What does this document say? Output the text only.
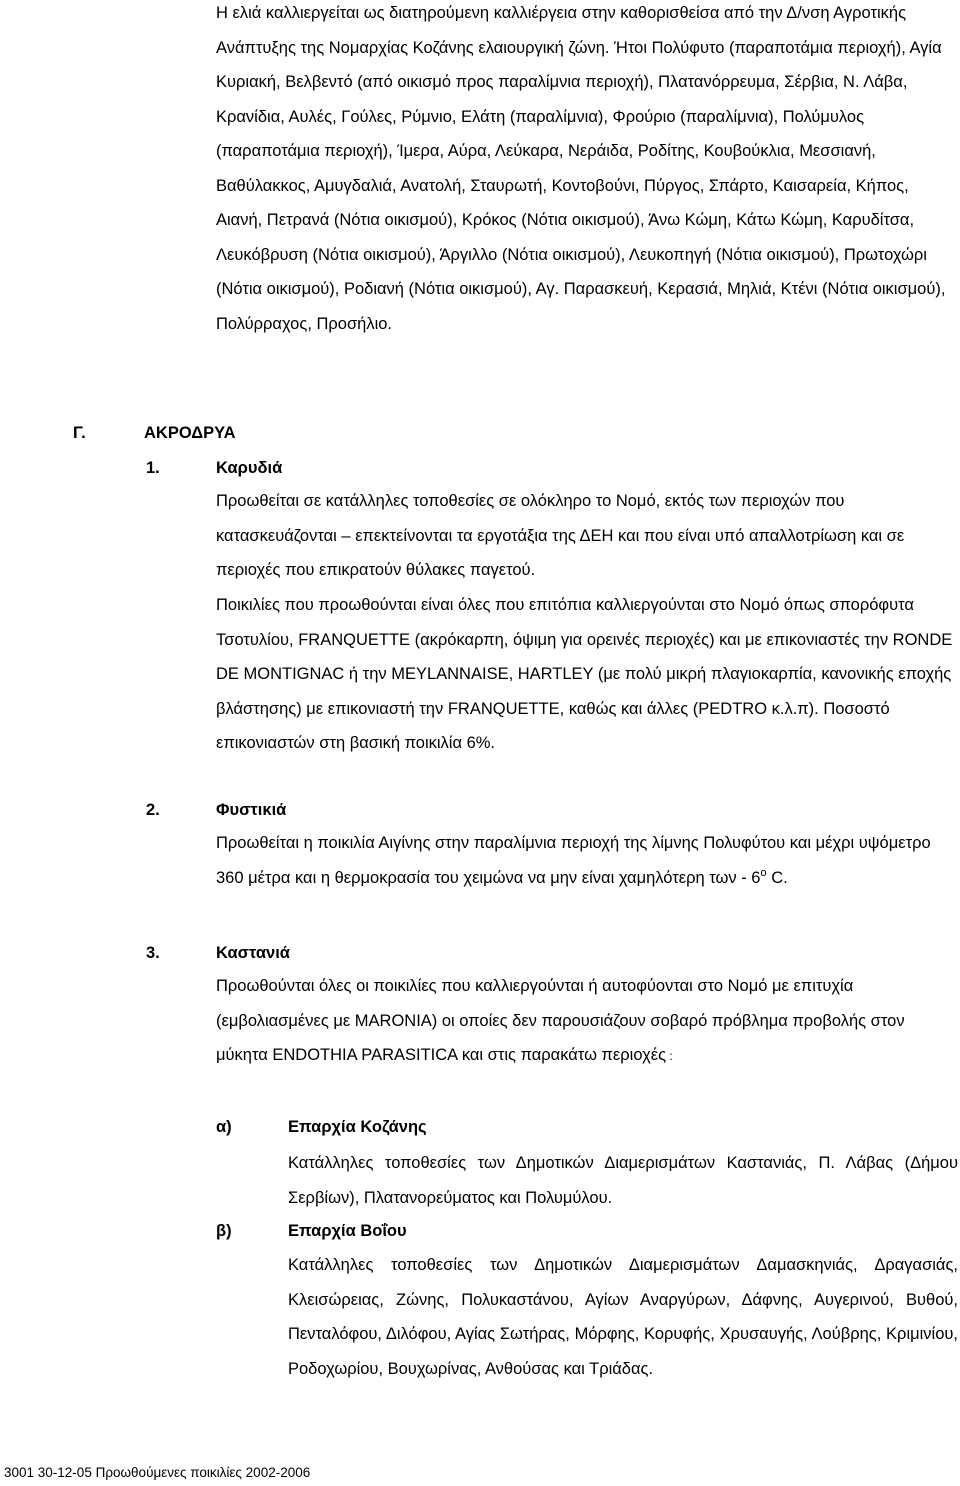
Η ελιά καλλιεργείται ως διατηρούμενη καλλιέργεια στην καθορισθείσα από την Δ/νση Αγροτικής Ανάπτυξης της Νομαρχίας Κοζάνης ελαιουργική ζώνη. Ήτοι Πολύφυτο (παραποτάμια περιοχή), Αγία Κυριακή, Βελβεντό (από οικισμό προς παραλίμνια περιοχή), Πλατανόρρευμα, Σέρβια, Ν. Λάβα, Κρανίδια, Αυλές, Γούλες, Ρύμνιο, Ελάτη (παραλίμνια), Φρούριο (παραλίμνια), Πολύμυλος (παραποτάμια περιοχή), Ίμερα, Αύρα, Λεύκαρα, Νεράιδα, Ροδίτης, Κουβούκλια, Μεσσιανή, Βαθύλακκος, Αμυγδαλιά, Ανατολή, Σταυρωτή, Κοντοβούνι, Πύργος, Σπάρτο, Καισαρεία, Κήπος, Αιανή, Πετρανά (Νότια οικισμού), Κρόκος (Νότια οικισμού), Άνω Κώμη, Κάτω Κώμη, Καρυδίτσα, Λευκόβρυση (Νότια οικισμού), Άργιλλο (Νότια οικισμού), Λευκοπηγή (Νότια οικισμού), Πρωτοχώρι (Νότια οικισμού), Ροδιανή (Νότια οικισμού), Αγ. Παρασκευή, Κερασιά, Μηλιά, Κτένι (Νότια οικισμού), Πολύρραχος, Προσήλιο.
Γ.	ΑΚΡΟΔΡΥΑ
1.	Καρυδιά
Προωθείται σε κατάλληλες τοποθεσίες σε ολόκληρο το Νομό, εκτός των περιοχών που κατασκευάζονται – επεκτείνονται τα εργοτάξια της ΔΕΗ και που είναι υπό απαλλοτρίωση και σε περιοχές που επικρατούν θύλακες παγετού.
Ποικιλίες που προωθούνται είναι όλες που επιτόπια καλλιεργούνται στο Νομό όπως σπορόφυτα Τσοτυλίου, FRANQUETTE (ακρόκαρπη, όψιμη για ορεινές περιοχές) και με επικονιαστές την RONDE DE MONTIGNAC ή την MEYLANNAISE, HARTLEY (με πολύ μικρή πλαγιοκαρπία, κανονικής εποχής βλάστησης) με επικονιαστή την FRANQUETTE, καθώς και άλλες (PEDTRO κ.λ.π). Ποσοστό επικονιαστών στη βασική ποικιλία 6%.
2.	Φυστικιά
Προωθείται η ποικιλία Αιγίνης στην παραλίμνια περιοχή της λίμνης Πολυφύτου και μέχρι υψόμετρο 360 μέτρα και η θερμοκρασία του χειμώνα να μην είναι χαμηλότερη των - $6^o$ C.
3.	Καστανιά
Προωθούνται όλες οι ποικιλίες που καλλιεργούνται ή αυτοφύονται στο Νομό με επιτυχία (εμβολιασμένες με MARONIA) οι οποίες δεν παρουσιάζουν σοβαρό πρόβλημα προβολής στον μύκητα ENDOTHIA PARASITICA και στις παρακάτω περιοχές :
α)	Επαρχία Κοζάνης
Κατάλληλες τοποθεσίες των Δημοτικών Διαμερισμάτων Καστανιάς, Π. Λάβας (Δήμου Σερβίων), Πλατανορεύματος και Πολυμύλου.
β)	Επαρχία Βοΐου
Κατάλληλες τοποθεσίες των Δημοτικών Διαμερισμάτων Δαμασκηνιάς, Δραγασιάς, Κλεισώρειας, Ζώνης, Πολυκαστάνου, Αγίων Αναργύρων, Δάφνης, Αυγερινού, Βυθού, Πενταλόφου, Διλόφου, Αγίας Σωτήρας, Μόρφης, Κορυφής, Χρυσαυγής, Λούβρης, Κριμινίου, Ροδοχωρίου, Βουχωρίνας, Ανθούσας και Τριάδας.
3001 30-12-05 Προωθούμενες ποικιλίες 2002-2006
